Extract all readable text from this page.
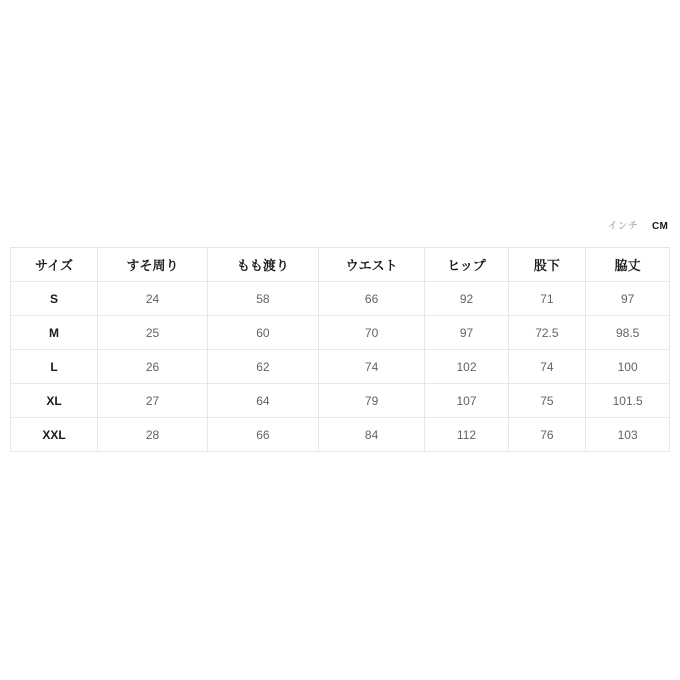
インチ CM
サイズ	すそ周り	もも渡り	ウエスト	ヒップ	股下	脇丈
S	24	58	66	92	71	97
M	25	60	70	97	72.5	98.5
L	26	62	74	102	74	100
XL	27	64	79	107	75	101.5
XXL	28	66	84	112	76	103
